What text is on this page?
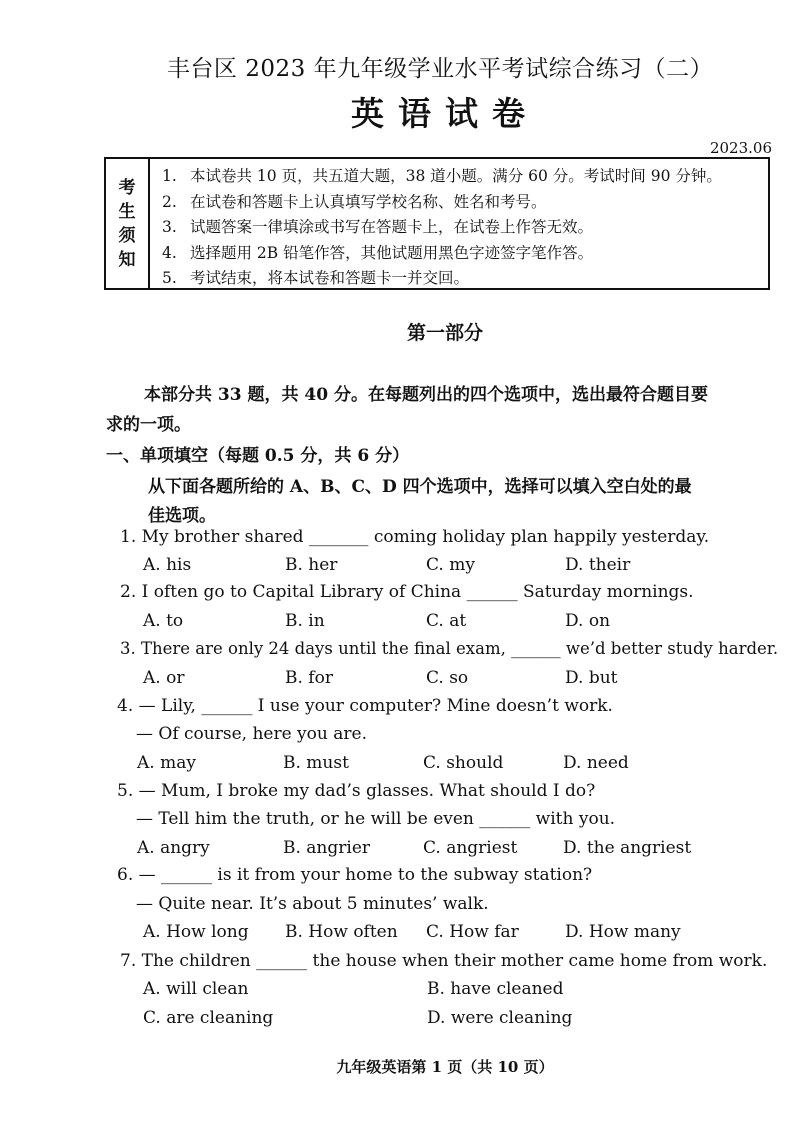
丰台区 2023 年九年级学业水平考试综合练习（二）
英语试卷
2023.06
考
生
须
知
1. 本试卷共 10 页，共五道大题，38 道小题。满分 60 分。考试时间 90 分钟。
2. 在试卷和答题卡上认真填写学校名称、姓名和考号。
3. 试题答案一律填涂或书写在答题卡上，在试卷上作答无效。
4. 选择题用 2B 铅笔作答，其他试题用黑色字迹签字笔作答。
5. 考试结束，将本试卷和答题卡一并交回。
第一部分
本部分共 33 题，共 40 分。在每题列出的四个选项中，选出最符合题目要
求的一项。
一、单项填空（每题 0.5 分，共 6 分）
从下面各题所给的 A、B、C、D 四个选项中，选择可以填入空白处的最
佳选项。
1. My brother shared _______ coming holiday plan happily yesterday.
A. his	B. her	C. my	D. their
2. I often go to Capital Library of China ______ Saturday mornings.
A. to	B. in	C. at	D. on
3. There are only 24 days until the final exam, ______ we’d better study harder.
A. or	B. for	C. so	D. but
4. — Lily, ______ I use your computer? Mine doesn’t work.
— Of course, here you are.
A. may	B. must	C. should	D. need
5. — Mum, I broke my dad’s glasses. What should I do?
— Tell him the truth, or he will be even ______ with you.
A. angry	B. angrier	C. angriest	D. the angriest
6. — ______ is it from your home to the subway station?
— Quite near. It’s about 5 minutes’ walk.
A. How long B. How often C. How far	D. How many
7. The children ______ the house when their mother came home from work.
A. will clean	B. have cleaned
C. are cleaning	D. were cleaning
九年级英语第 1 页（共 10 页）
